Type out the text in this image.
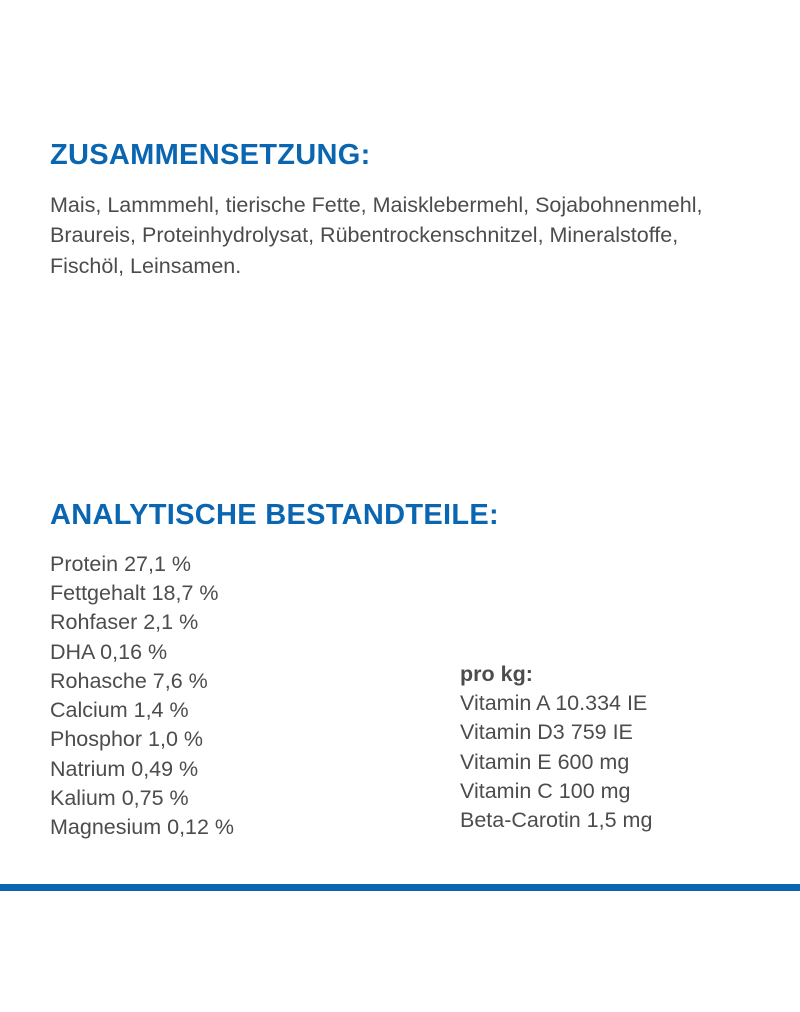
ZUSAMMENSETZUNG:

Mais, Lammmehl, tierische Fette, Maisklebermehl, Sojabohnenmehl, Braureis, Proteinhydrolysat, Rübentrockenschnitzel, Mineralstoffe, Fischöl, Leinsamen.

ANALYTISCHE BESTANDTEILE:
Protein 27,1 %
Fettgehalt 18,7 %
Rohfaser 2,1 %
DHA 0,16 %
Rohasche 7,6 %
Calcium 1,4 %
Phosphor 1,0 %
Natrium 0,49 %
Kalium 0,75 %
Magnesium 0,12 %
pro kg:
Vitamin A 10.334 IE
Vitamin D3 759 IE
Vitamin E 600 mg
Vitamin C 100 mg
Beta-Carotin 1,5 mg
